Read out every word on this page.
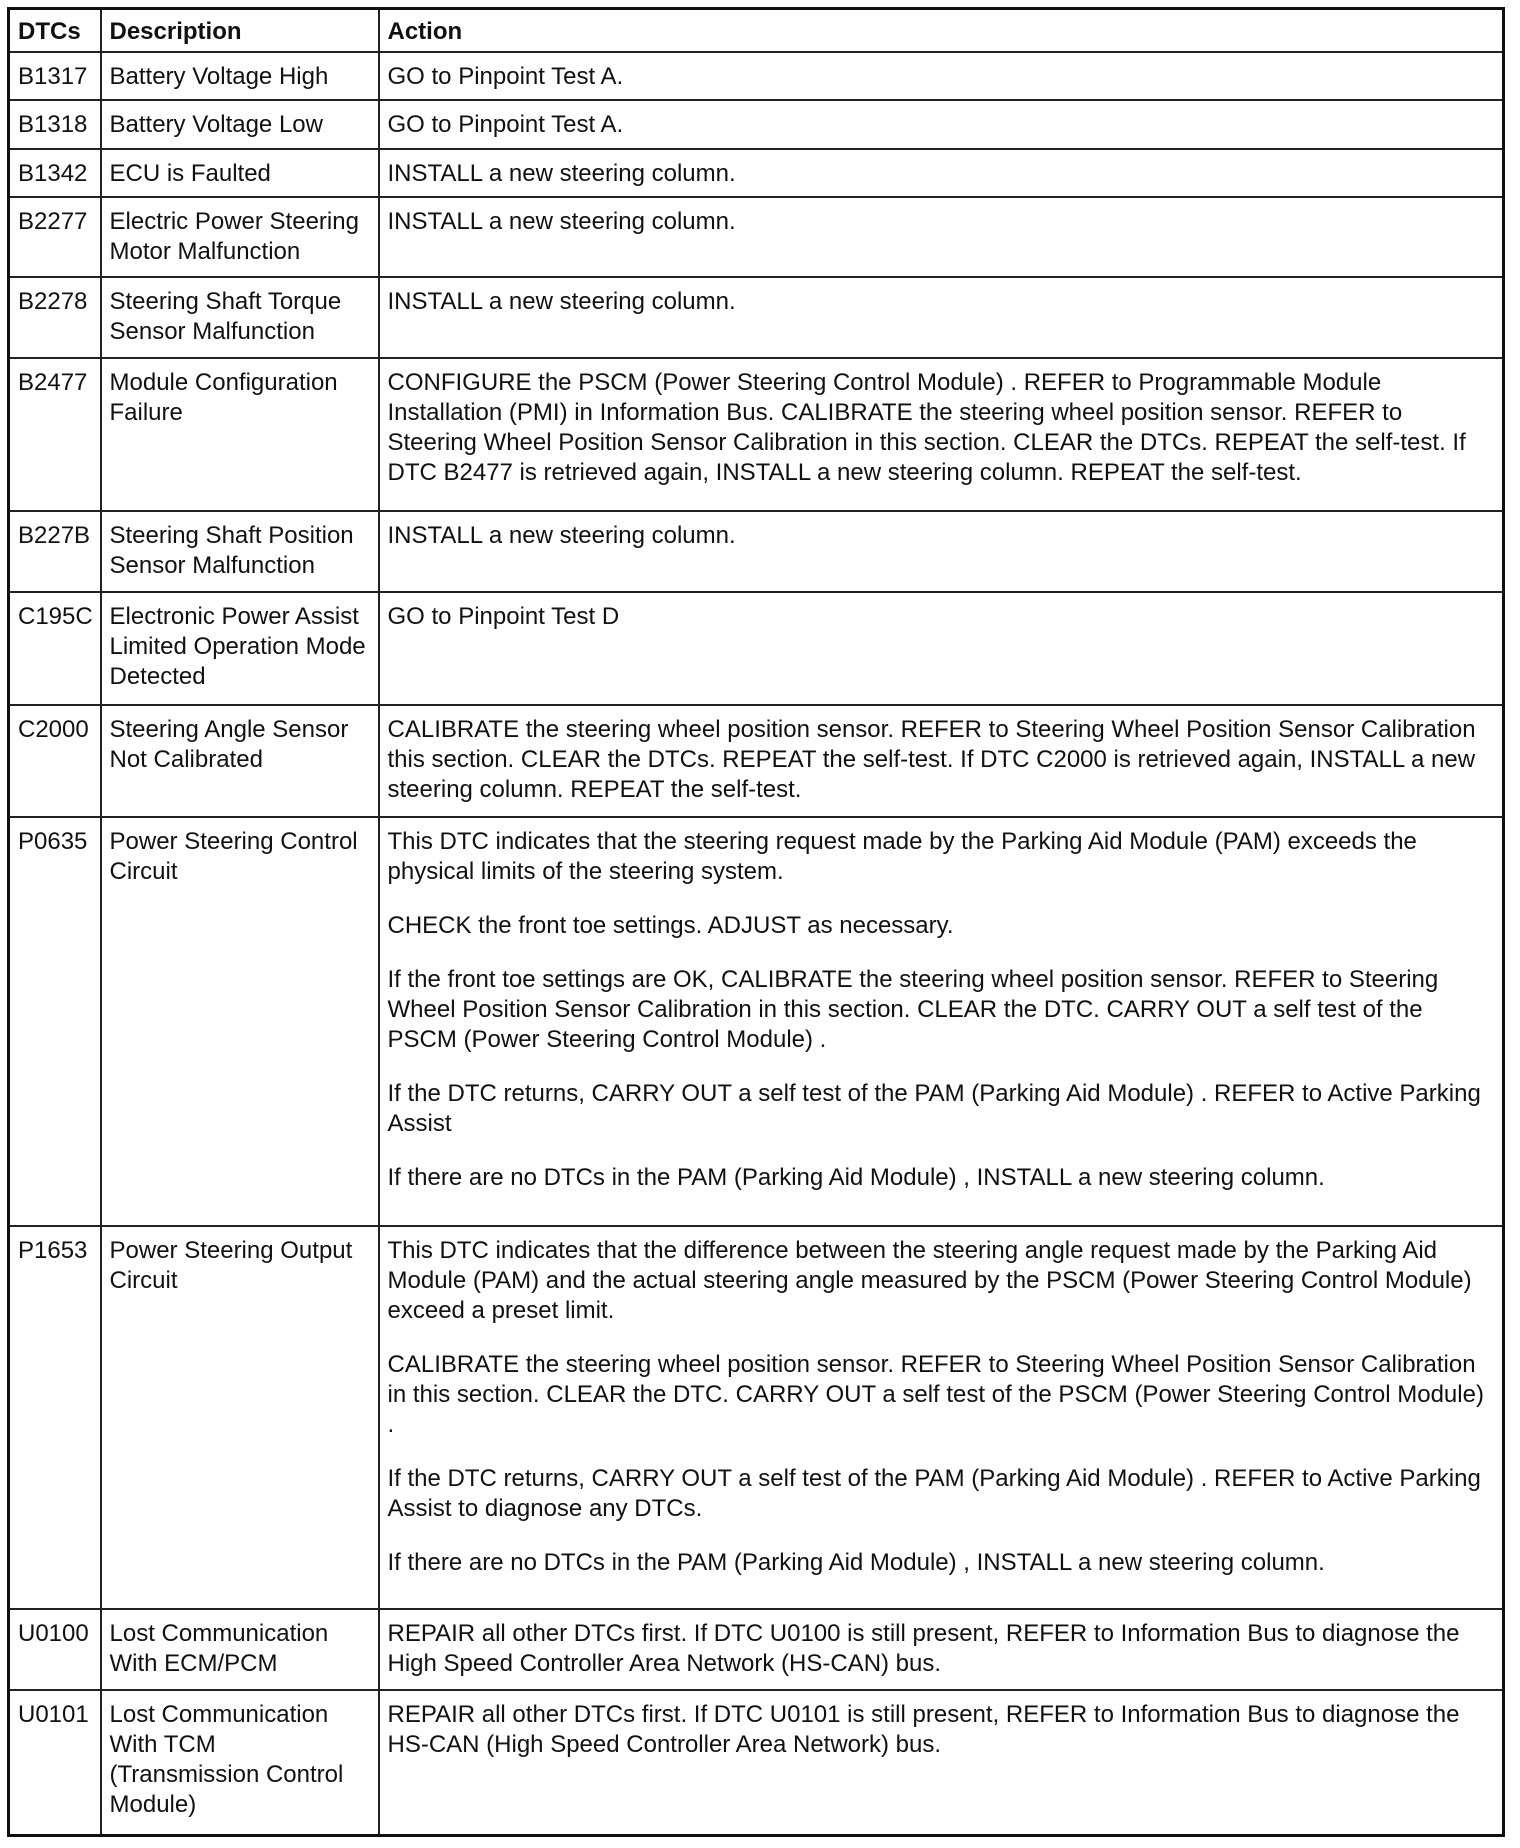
DTCs	Description	Action
B1317	Battery Voltage High	GO to Pinpoint Test A.

B1318	Battery Voltage Low	GO to Pinpoint Test A.

B1342	ECU is Faulted	INSTALL a new steering column.

B2277	Electric Power Steering Motor Malfunction	INSTALL a new steering column.

B2278	Steering Shaft Torque Sensor Malfunction	INSTALL a new steering column.

B2477	Module Configuration Failure	CONFIGURE the PSCM (Power Steering Control Module) . REFER to Programmable Module Installation (PMI) in Information Bus. CALIBRATE the steering wheel position sensor. REFER to Steering Wheel Position Sensor Calibration in this section. CLEAR the DTCs. REPEAT the self-test. If DTC B2477 is retrieved again, INSTALL a new steering column. REPEAT the self-test.

B227B	Steering Shaft Position Sensor Malfunction	INSTALL a new steering column.

C195C	Electronic Power Assist Limited Operation Mode Detected	GO to Pinpoint Test D

C2000	Steering Angle Sensor Not Calibrated	CALIBRATE the steering wheel position sensor. REFER to Steering Wheel Position Sensor Calibration this section. CLEAR the DTCs. REPEAT the self-test. If DTC C2000 is retrieved again, INSTALL a new steering column. REPEAT the self-test.

P0635	Power Steering Control Circuit	This DTC indicates that the steering request made by the Parking Aid Module (PAM) exceeds the physical limits of the steering system.
CHECK the front toe settings. ADJUST as necessary.
If the front toe settings are OK, CALIBRATE the steering wheel position sensor. REFER to Steering Wheel Position Sensor Calibration in this section. CLEAR the DTC. CARRY OUT a self test of the PSCM (Power Steering Control Module) .
If the DTC returns, CARRY OUT a self test of the PAM (Parking Aid Module) . REFER to Active Parking Assist
If there are no DTCs in the PAM (Parking Aid Module) , INSTALL a new steering column.

P1653	Power Steering Output Circuit	This DTC indicates that the difference between the steering angle request made by the Parking Aid Module (PAM) and the actual steering angle measured by the PSCM (Power Steering Control Module) exceed a preset limit.
CALIBRATE the steering wheel position sensor. REFER to Steering Wheel Position Sensor Calibration in this section. CLEAR the DTC. CARRY OUT a self test of the PSCM (Power Steering Control Module) .
If the DTC returns, CARRY OUT a self test of the PAM (Parking Aid Module) . REFER to Active Parking Assist to diagnose any DTCs.
If there are no DTCs in the PAM (Parking Aid Module) , INSTALL a new steering column.

U0100	Lost Communication With ECM/PCM	REPAIR all other DTCs first. If DTC U0100 is still present, REFER to Information Bus to diagnose the High Speed Controller Area Network (HS-CAN) bus.

U0101	Lost Communication With TCM (Transmission Control Module)	REPAIR all other DTCs first. If DTC U0101 is still present, REFER to Information Bus to diagnose the HS-CAN (High Speed Controller Area Network) bus.
